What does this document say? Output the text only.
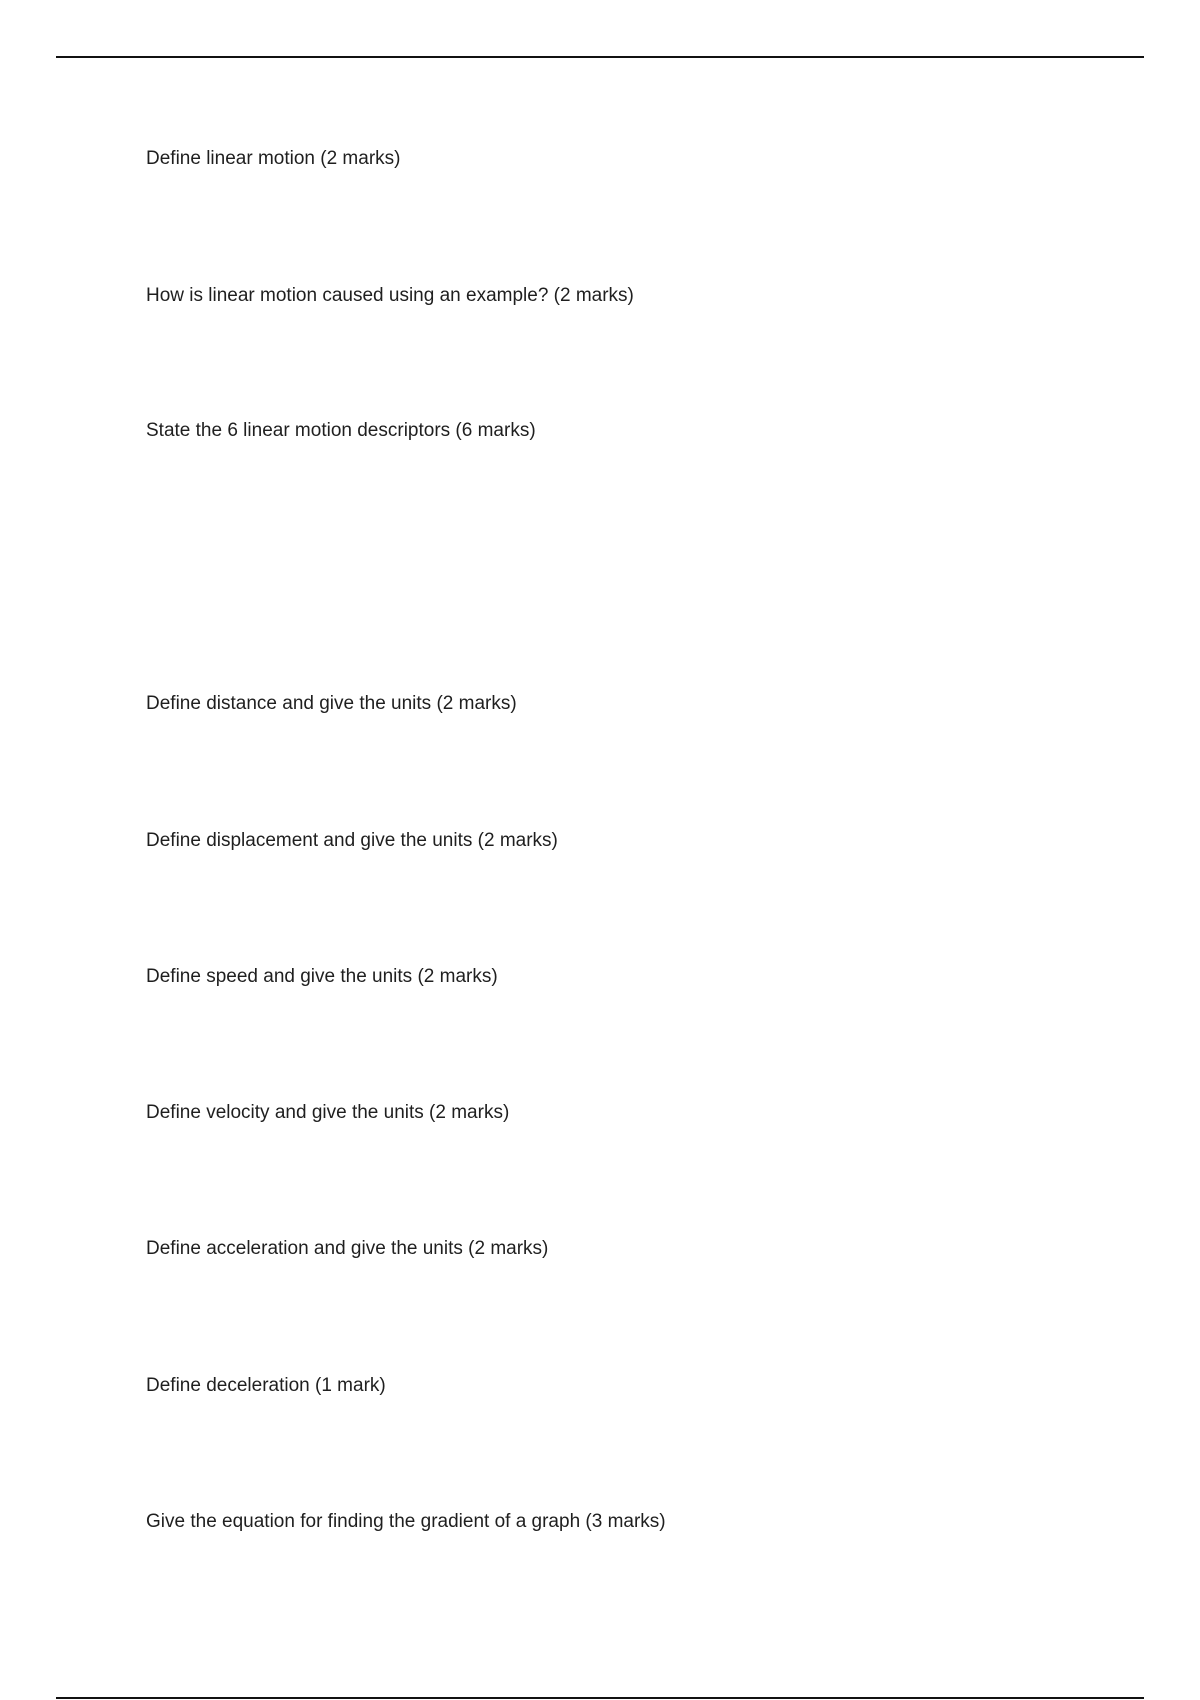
Define linear motion (2 marks)
How is linear motion caused using an example? (2 marks)
State the 6 linear motion descriptors (6 marks)
Define distance and give the units (2 marks)
Define displacement and give the units (2 marks)
Define speed and give the units (2 marks)
Define velocity and give the units (2 marks)
Define acceleration and give the units (2 marks)
Define deceleration (1 mark)
Give the equation for finding the gradient of a graph (3 marks)
